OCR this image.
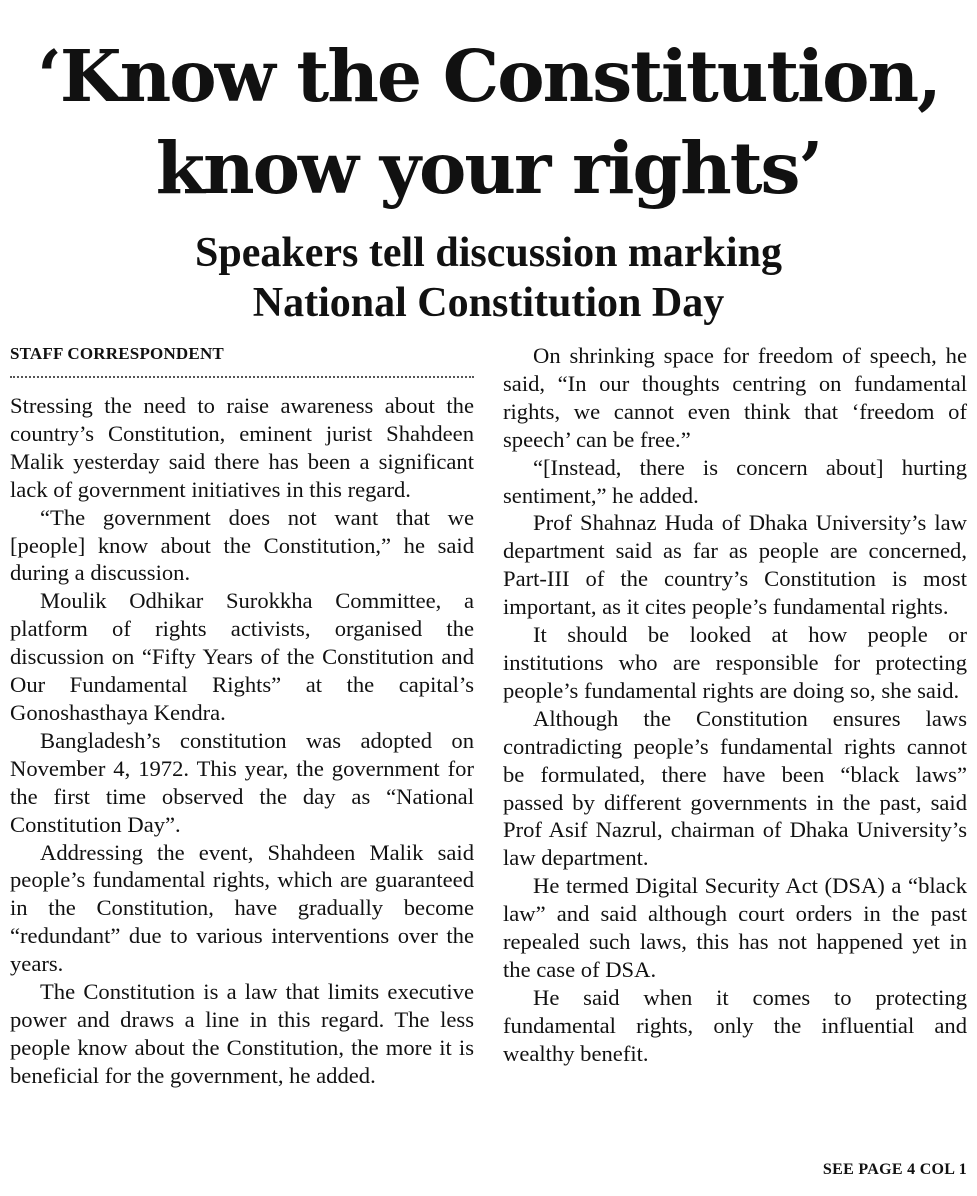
‘Know the Constitution,
know your rights’
Speakers tell discussion marking
National Constitution Day
STAFF CORRESPONDENT

Stressing the need to raise awareness about the country’s Constitution, eminent jurist Shahdeen Malik yesterday said there has been a significant lack of government initiatives in this regard.

“The government does not want that we [people] know about the Constitution,” he said during a discussion.

Moulik Odhikar Surokkha Committee, a platform of rights activists, organised the discussion on “Fifty Years of the Constitution and Our Fundamental Rights” at the capital’s Gonoshasthaya Kendra.

Bangladesh’s constitution was adopted on November 4, 1972. This year, the government for the first time observed the day as “National Constitution Day”.

Addressing the event, Shahdeen Malik said people’s fundamental rights, which are guaranteed in the Constitution, have gradually become “redundant” due to various interventions over the years.

The Constitution is a law that limits executive power and draws a line in this regard. The less people know about the Constitution, the more it is beneficial for the government, he added.

On shrinking space for freedom of speech, he said, “In our thoughts centring on fundamental rights, we cannot even think that ‘freedom of speech’ can be free.”

“[Instead, there is concern about] hurting sentiment,” he added.

Prof Shahnaz Huda of Dhaka University’s law department said as far as people are concerned, Part-III of the country’s Constitution is most important, as it cites people’s fundamental rights.

It should be looked at how people or institutions who are responsible for protecting people’s fundamental rights are doing so, she said.

Although the Constitution ensures laws contradicting people’s fundamental rights cannot be formulated, there have been “black laws” passed by different governments in the past, said Prof Asif Nazrul, chairman of Dhaka University’s law department.

He termed Digital Security Act (DSA) a “black law” and said although court orders in the past repealed such laws, this has not happened yet in the case of DSA.

He said when it comes to protecting fundamental rights, only the influential and wealthy benefit.

SEE PAGE 4 COL 1
